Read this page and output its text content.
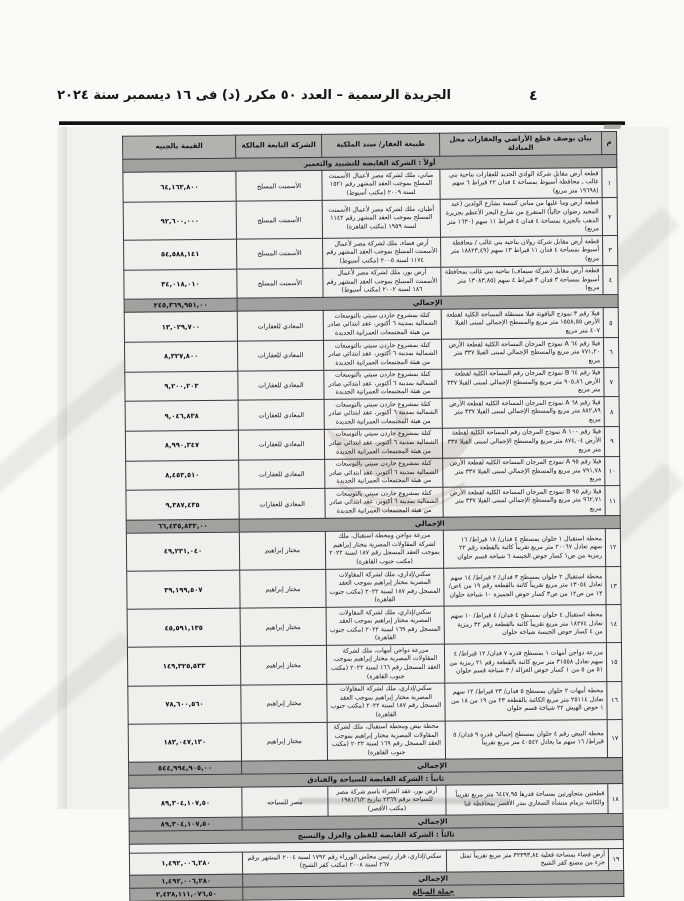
الجريدة الرسمية – العدد ٥٠ مكرر (د) فى ١٦ ديسمبر سنة ٢٠٢٤	٤
م	بيان بوصف قطع الأراضي والعقارات محل المبادلة	طبيعة العقار/ سند الملكية	الشركة التابعة المالكة	القيمة بالجنيه
أولاً : الشركة القابضة للتشييد والتعمير				
١	قطعة أرض مقابل شركة الوادي الجديد للعقارات بناحية بني غالب ـ محافظة أسيوط بمساحة ٤ فدان ٢٢ قيراط ٦ سهم (١٩٦٩٨ متر مربع)	مباني، ملك لشركة مصر لأعمال الأسمنت المسلح بموجب العقد المشهر رقم ١٥٢١ لسنة ٢٠٠٩ (مكتب أسيوط)	الأسمنت المسلح	٦٤,١٦٣,٨٠٠
٢	قطعة أرض وما عليها من مباني كنيسة بشارع الولدين (عبد المجيد رضوان حالياً) المتفرع من شارع البحر الأعظم بجزيرة الذهب بالجيزة بمساحة ٤ فدان ٤ قيراط ١١ سهم (١٦٣٠ متر مربع)	أطيان، ملك لشركة مصر لأعمال الأسمنت المسلح بموجب العقد المشهر رقم ١١٤٢ لسنة ١٩٥٩ (مكتب القاهرة)	الأسمنت المسلح	٩٢,٦٠٠,٠٠٠
٣	قطعة أرض مقابل شركة رولان بناحية بني غالب / محافظة أسيوط بمساحة ٤ فدان ١١ قيراط ١٣ سهم (١٨٨٢٣,٤٩ متر مربع)	أرض فضاء، ملك لشركة مصر لأعمال الأسمنت المسلح بموجب العقد المشهر رقم ١١٧٤ لسنة ٢٠٠٥ (مكتب أسيوط)	الأسمنت المسلح	٥٤,٥٨٨,١٤١
٤	قطعة أرض مقابل (شركة سيماف) بناحية بني غالب بمحافظة أسيوط بمساحة ٣ فدان ٣ قيراط ٤ سهم (١٣٠٨٣,٨٥ متر مربع)	أرض بور، ملك لشركة مصر لأعمال الأسمنت المسلح بموجب العقد المشهر رقم ١٨٦ لسنة ٢٠٠٢ (مكتب أسيوط)	الأسمنت المسلح	٣٤,٠١٨,٠١٠
الإجمالي				٢٤٥,٣٦٩,٩٥١,٠٠
٥	فيلا رقم ٣ نموذج الياقوتة فيلا مستقلة المساحة الكلية لقطعة الأرض ١٥٥٨,٥٥ متر مربع والمسطح الإجمالي لمبنى الفيلا ٤٠٧ متر مربع	كتلة بمشروع جاردن سيتي بالتوسعات الشمالية بمدينة ٦ أكتوبر، عقد ابتدائي صادر من هيئة المجتمعات العمرانية الجديدة	المعادي للعقارات	١٣,٠٢٩,٧٠٠
٦	فيلا رقم ٦٤ A نموذج المرجان المساحة الكلية لقطعة الأرض ٧٧١,٢٠ متر مربع والمسطح الإجمالي لمبنى الفيلا ٣٣٧ متر مربع	كتلة بمشروع جاردن سيتي بالتوسعات الشمالية بمدينة ٦ أكتوبر، عقد ابتدائي صادر من هيئة المجتمعات العمرانية الجديدة	المعادي للعقارات	٨,٣٢٧,٨٠٠
٧	فيلا رقم ٦٤ B نموذج المرجان رقم المساحة الكلية لقطعة الأرض ٩٠٥,٨٦ متر مربع والمسطح الإجمالي لمبنى الفيلا ٣٣٧ متر مربع	كتلة بمشروع جاردن سيتي بالتوسعات الشمالية بمدينة ٦ أكتوبر، عقد ابتدائي صادر من هيئة المجتمعات العمرانية الجديدة	المعادي للعقارات	٩,٢٠٠,٢٠٣
٨	فيلا رقم ٦٨ A نموذج المرجان المساحة الكلية لقطعة الأرض ٨٨٢,٨٩ متر مربع والمسطح الإجمالي لمبنى الفيلا ٣٣٧ متر مربع	كتلة بمشروع جاردن سيتي بالتوسعات الشمالية بمدينة ٦ أكتوبر، عقد ابتدائي صادر من هيئة المجتمعات العمرانية الجديدة	المعادي للعقارات	٩,٠٤٦,٨٣٨
٩	فيلا رقم ١٠٠ A نموذج المرجان رقم المساحة الكلية لقطعة الأرض ٨٧٤,٠٤ متر مربع والمسطح الإجمالي لمبنى الفيلا ٣٣٧ متر مربع	كتلة بمشروع جاردن سيتي بالتوسعات الشمالية بمدينة ٦ أكتوبر، عقد ابتدائي صادر من هيئة المجتمعات العمرانية الجديدة	المعادي للعقارات	٨,٩٩٠,٣٤٧
١٠	فيلا رقم ٩٥ A نموذج المرجان المساحة الكلية لقطعة الأرض ٧٩١,٧٨ متر مربع والمسطح الإجمالي لمبنى الفيلا ٣٣٧ متر مربع	كتلة بمشروع جاردن سيتي بالتوسعات الشمالية بمدينة ٦ أكتوبر، عقد ابتدائي صادر من هيئة المجتمعات العمرانية الجديدة	المعادي للعقارات	٨,٤٥٣,٥١٠
١١	فيلا رقم ٩٥ B نموذج المرجان المساحة الكلية لقطعة الأرض ٩٦٢,٧١ متر مربع والمسطح الإجمالي لمبنى الفيلا ٣٣٧ متر مربع	كتلة بمشروع جاردن سيتي بالتوسعات الشمالية بمدينة ٦ أكتوبر، عقد ابتدائي صادر من هيئة المجتمعات العمرانية الجديدة	المعادي للعقارات	٩,٣٨٧,٤٣٥
الإجمالي				٦٦,٤٣٥,٨٣٣,٠٠
١٢	محطة استقبال ١ حلوان بمسطح ٤ فدان/ ١٨ قيراط/ ١٦ سهم تعادل ٢٠٠٦٧ متر مربع تقريباً كائنة بالقطعة رقم ٢٢ رمزية من ص١ كسار حوض الجبسة ٦ شياخة قسم حلوان	مزرعة دواجن ومحطة استقبال، ملك لشركة المقاولات المصرية مختار إبراهيم بموجب العقد المسجل رقم ١٨٧ لسنة ٢٠٢٢ (مكتب جنوب القاهرة)	مختار إبراهيم	٤٩,٢٣١,٠٤٠
١٣	محطة استقبال ٢ حلوان بمسطح ٣ فدان/ ٢ قيراط/ ١٤ سهم تعادل ١٣٠٥٤ متر مربع تقريباً كائنة بالقطعة رقم ١٩ من ٤ص/ ١٣ من ص١٢ من ص٣ كسار حوض الجميزة ١٠ شياخة حلوان	سكني/إداري، ملك لشركة المقاولات المصرية مختار إبراهيم بموجب العقد المسجل رقم ١٨٧ لسنة ٢٠٢٢ (مكتب جنوب القاهرة)	مختار إبراهيم	٣٩,١٩٩,٥٠٧
١٤	محطة استقبال ٤ حلوان بمسطح ٤ فدان/ ٤ قيراط/ ١٠ سهم تعادل ١٨٢٧٤ متر مربع تقريباً كائنة بالقطعة رقم ٣٢ رمزية من ٤ كسار حوض الجبسة شياخة حلوان	سكني/إداري، ملك لشركة المقاولات المصرية مختار إبراهيم بموجب العقد المسجل رقم ١٦٩ لسنة ٢٠٢٢ (مكتب جنوب القاهرة)	مختار إبراهيم	٤٥,٥٩١,١٣٥
١٥	مزرعة دواجن أمهات ١ بمسطح قدره ٧ فدان/ ١٢ قيراط/ ٤ سهم تعادل ٣١٥٥٨ متر مربع كائنة بالقطعة رقم ٢١ رمزية من ٥١ من ٥ من ١ كسار حوض الغزالة / ٣ شياخة قسم حلوان	مزرعة دواجن أمهات، ملك لشركة المقاولات المصرية مختار إبراهيم بموجب العقد المسجل رقم ١٦٦ لسنة ٢٠٢٢ (مكتب جنوب القاهرة)	مختار إبراهيم	١٤٩,٣٢٥,٥٣٣
١٦	محطة أمهات ٢ حلوان بمسطح ٥ فدان/ ٢٣ قيراط/ ١٢ سهم تعادل ٢٥١١٤ متر مربع الكائنة بالقطعة ٢٣ من ١٩ من ١٨ من ١ حوض الهيش ٢٢ شياخة قسم حلوان	سكني/إداري، ملك لشركة المقاولات المصرية مختار إبراهيم بموجب العقد المسجل رقم ١٨٧ لسنة ٢٠٢٢ (مكتب جنوب القاهرة)	مختار إبراهيم	٧٨,٦٠٠,٥٦٠
١٧	محطة البيض رقم ٤ حلوان بمسطح إجمالي قدره ٩ فدان/ ٥ قيراط/ ١٦ سهم ما يعادل ٤٠٥٤٢ متر مربع تقريباً	محطة بيض ومحطة استقبال، ملك لشركة المقاولات المصرية مختار إبراهيم بموجب العقد المسجل رقم ١٦٩ لسنة ٢٠٢٢ (مكتب جنوب القاهرة)	مختار إبراهيم	١٨٣,٠٤٧,١٣٠
الإجمالي				٥٤٤,٩٩٤,٩٠٥,٠٠
ثانياً : الشركة القابضة للسياحة والفنادق				
١٨	قطعتين متجاورتين بمساحة قدرها ٦٤٤٧,٩٥ متر مربع تقريباً والكائنة بزمام منشأة الصعاري بندر الأقصر بمحافظة قنا	أرض بور، عقد الشراء باسم شركة مصر للسياحة برقم ٢٣٦٩ بتاريخ ١٩٨١/٦/٢ (مكتب الأقصر)	مصر للسياحه	٨٩,٣٠٤,١٠٧,٥٠
الإجمالي				٨٩,٣٠٤,١٠٧,٥٠
ثالثاً : الشركة القابضة للقطن والغزل والنسيج				

١٩	أرض فضاء بمساحة فعلية ٣٢٣٩٣,٨٤ متر مربع تقريباً تمثل جزء من مصنع كفر الشيخ	سكني/إداري، قرار رئيس مجلس الوزراء رقم ١٧٩٢ لسنة ٢٠٠٤ المشهر برقم ٢٦٧ لسنة ٢٠٠٨ (مكتب كفر الشيخ)		١,٤٩٢,٠٠٦,٢٨٠
الإجمالي				١,٤٩٢,٠٠٦,٢٨٠
جملة المبالغ				٢,٤٣٨,١١١,٠٧٦,٥٠
